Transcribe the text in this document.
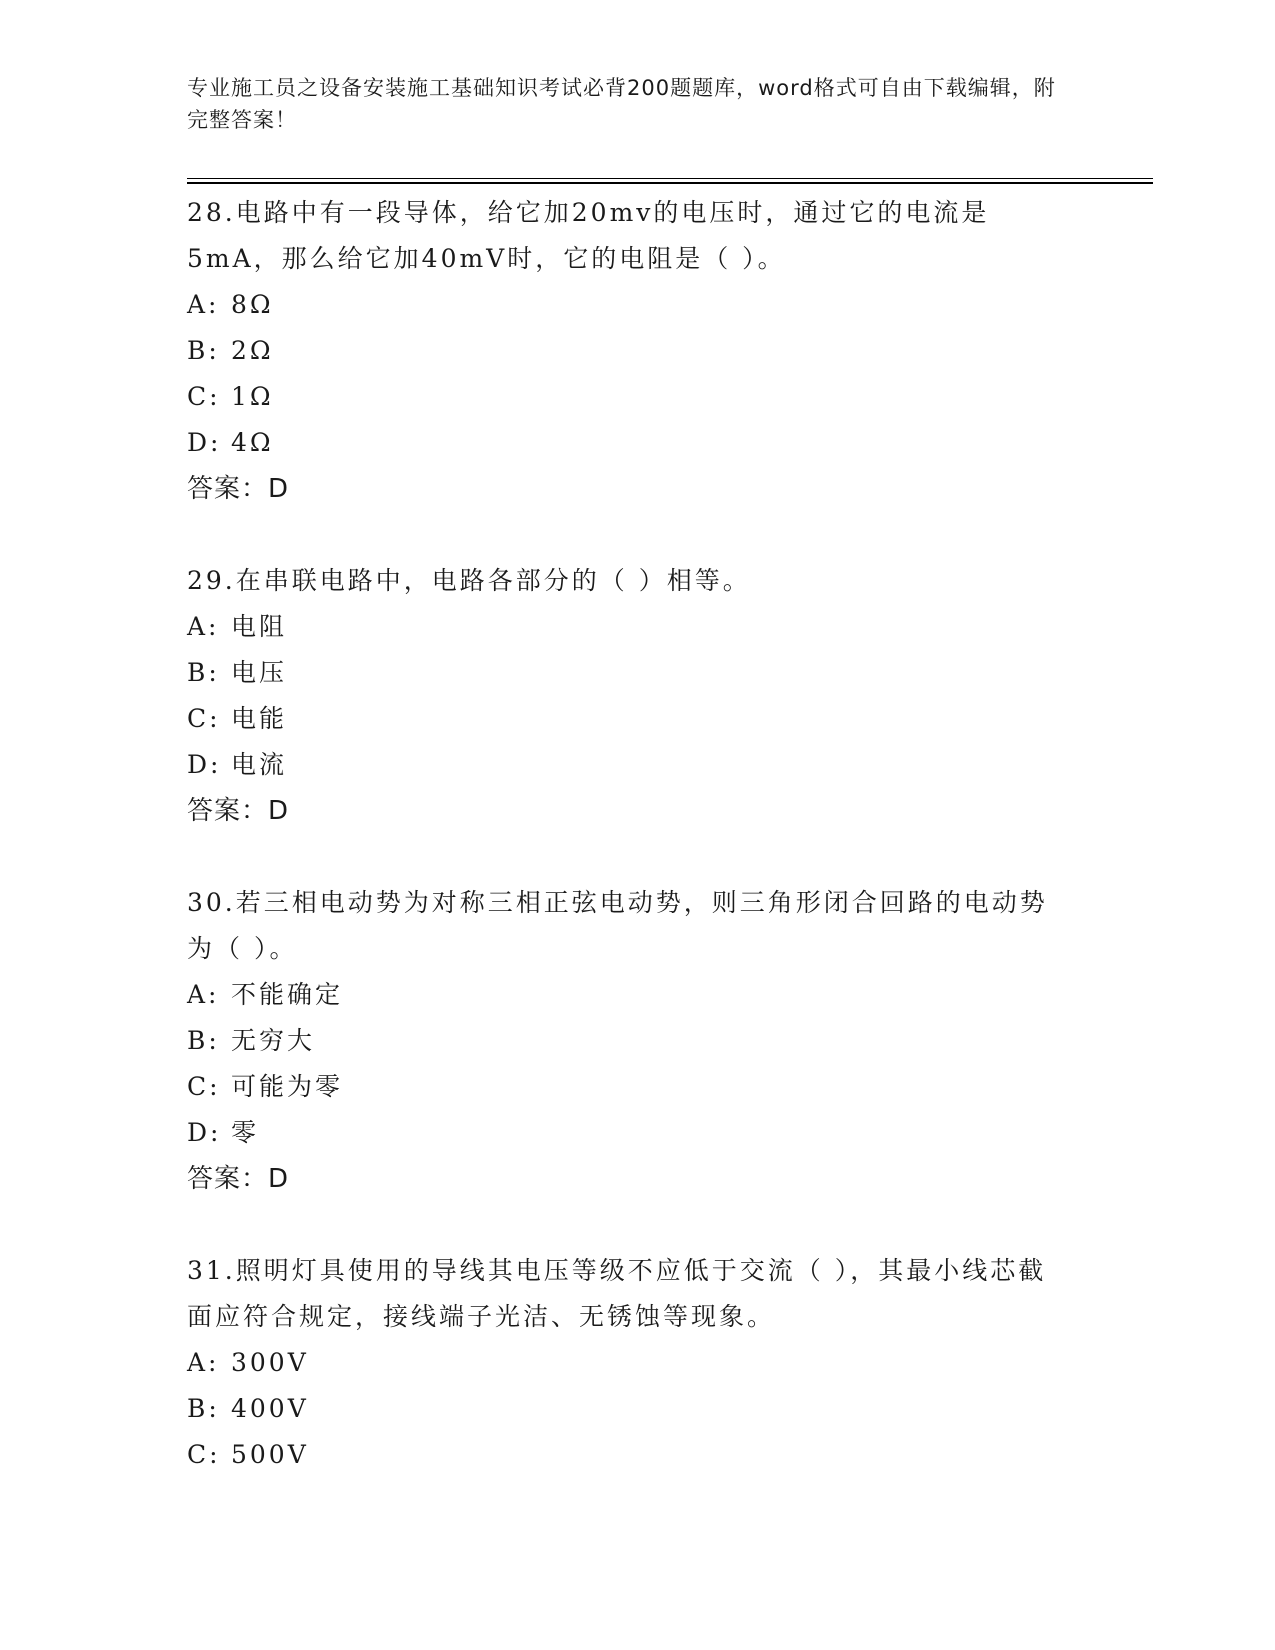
专业施工员之设备安装施工基础知识考试必背200题题库，word格式可自由下载编辑，附完整答案！
28.电路中有一段导体，给它加20mv的电压时，通过它的电流是5mA，那么给它加40mV时，它的电阻是（ ）。
A: 8Ω
B: 2Ω
C: 1Ω
D: 4Ω
答案：D
29.在串联电路中，电路各部分的（ ）相等。
A: 电阻
B: 电压
C: 电能
D: 电流
答案：D
30.若三相电动势为对称三相正弦电动势，则三角形闭合回路的电动势为（ ）。
A: 不能确定
B: 无穷大
C: 可能为零
D: 零
答案：D
31.照明灯具使用的导线其电压等级不应低于交流（ ），其最小线芯截面应符合规定，接线端子光洁、无锈蚀等现象。
A: 300V
B: 400V
C: 500V
